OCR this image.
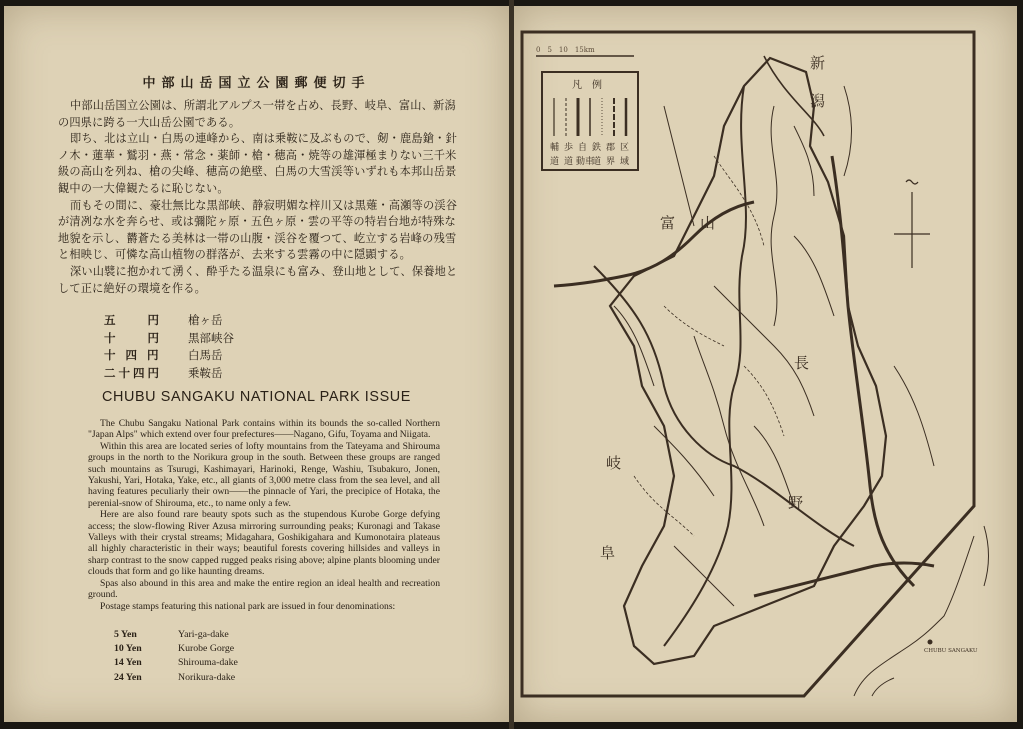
中部山岳国立公園郵便切手

中部山岳国立公園は、所謂北アルプス一帯を占め、長野、岐阜、富山、新潟の四県に跨る一大山岳公園である。

即ち、北は立山・白馬の連峰から、南は乗鞍に及ぶもので、剱・鹿島鎗・針ノ木・蓮華・鷲羽・燕・常念・薬師・槍・穂高・焼等の雄渾極まりない三千米級の高山を列ね、槍の尖峰、穂高の絶壁、白馬の大雪渓等いずれも本邦山岳景観中の一大偉観たるに恥じない。

而もその間に、豪壮無比な黒部峡、静寂明媚な梓川又は黒薙・高瀬等の渓谷が清冽な水を奔らせ、或は彌陀ヶ原・五色ヶ原・雲の平等の特岩台地が特殊な地貌を示し、欝蒼たる美林は一帯の山腹・渓谷を覆つて、屹立する岩峰の残雪と相映じ、可憐な高山植物の群落が、去来する雲霧の中に隠顕する。

深い山襞に抱かれて湧く、酔乎たる温泉にも富み、登山地として、保養地として正に絶好の環境を作る。

五　　円	槍ヶ岳
十　　円	黒部峡谷
十 四 円	白馬岳
二十四円	乗鞍岳
CHUBU SANGAKU NATIONAL PARK ISSUE

The Chubu Sangaku National Park contains within its bounds the so-called Northern "Japan Alps" which extend over four prefectures——Nagano, Gifu, Toyama and Niigata.

Within this area are located series of lofty mountains from the Tateyama and Shirouma groups in the north to the Norikura group in the south. Between these groups are ranged such mountains as Tsurugi, Kashimayari, Harinoki, Renge, Washiu, Tsubakuro, Jonen, Yakushi, Yari, Hotaka, Yake, etc., all giants of 3,000 metre class from the sea level, and all having features peculiarly their own——the pinnacle of Yari, the precipice of Hotaka, the perenial-snow of Shirouma, etc., to name only a few.

Here are also found rare beauty spots such as the stupendous Kurobe Gorge defying access; the slow-flowing River Azusa mirroring surrounding peaks; Kuronagi and Takase Valleys with their crystal streams; Midagahara, Goshikigahara and Kumonotaira plateaus all highly characteristic in their ways; beautiful forests covering hillsides and valleys in sharp contrast to the snow capped rugged peaks rising above; alpine plants blooming under clouds that form and go like haunting dreams.

Spas also abound in this area and make the entire region an ideal health and recreation ground.

Postage stamps featuring this national park are issued in four denominations:

5 Yen	Yari-ga-dake
10 Yen	Kurobe Gorge
14 Yen	Shirouma-dake
24 Yen	Norikura-dake
0　5　10　15km
凡　例
輔 歩 自 鉄 郡 区
道 道 動車
道 界 域
新
潟
富 山
長
野
岐
阜
CHUBU SANGAKU
